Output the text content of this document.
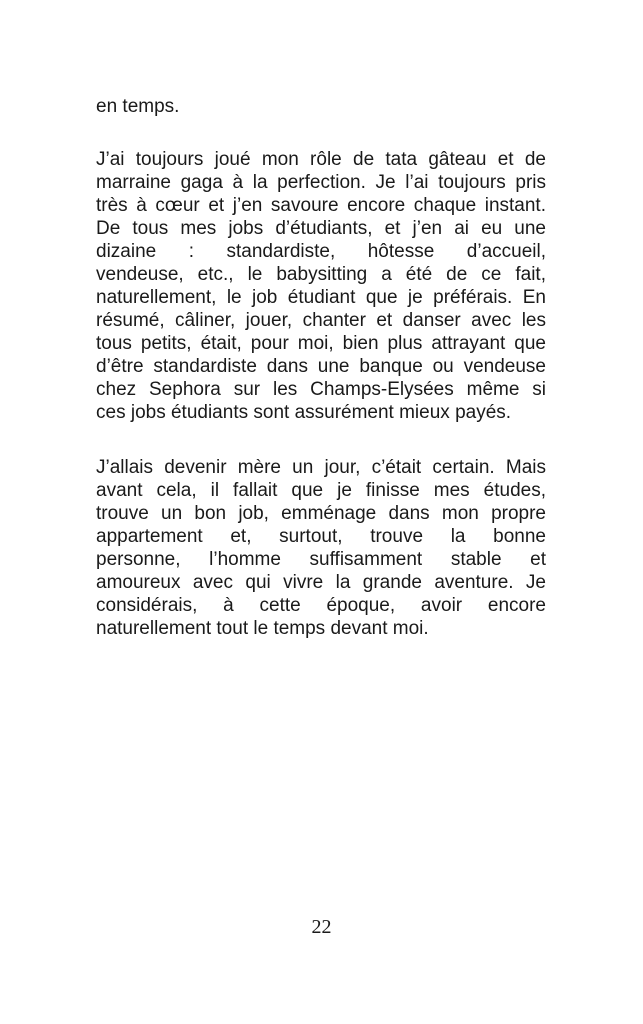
en temps.
J’ai toujours joué mon rôle de tata gâteau et de
marraine gaga à la perfection. Je l’ai toujours pris
très à cœur et j’en savoure encore chaque instant.
De tous mes jobs d’étudiants, et j’en ai eu une
dizaine : standardiste, hôtesse d’accueil,
vendeuse, etc., le babysitting a été de ce fait,
naturellement, le job étudiant que je préférais. En
résumé, câliner, jouer, chanter et danser avec les
tous petits, était, pour moi, bien plus attrayant que
d’être standardiste dans une banque ou vendeuse
chez Sephora sur les Champs-Elysées même si
ces jobs étudiants sont assurément mieux payés.
J’allais devenir mère un jour, c’était certain. Mais
avant cela, il fallait que je finisse mes études,
trouve un bon job, emménage dans mon propre
appartement et, surtout, trouve la bonne
personne, l’homme suffisamment stable et
amoureux avec qui vivre la grande aventure. Je
considérais, à cette époque, avoir encore
naturellement tout le temps devant moi.
22
